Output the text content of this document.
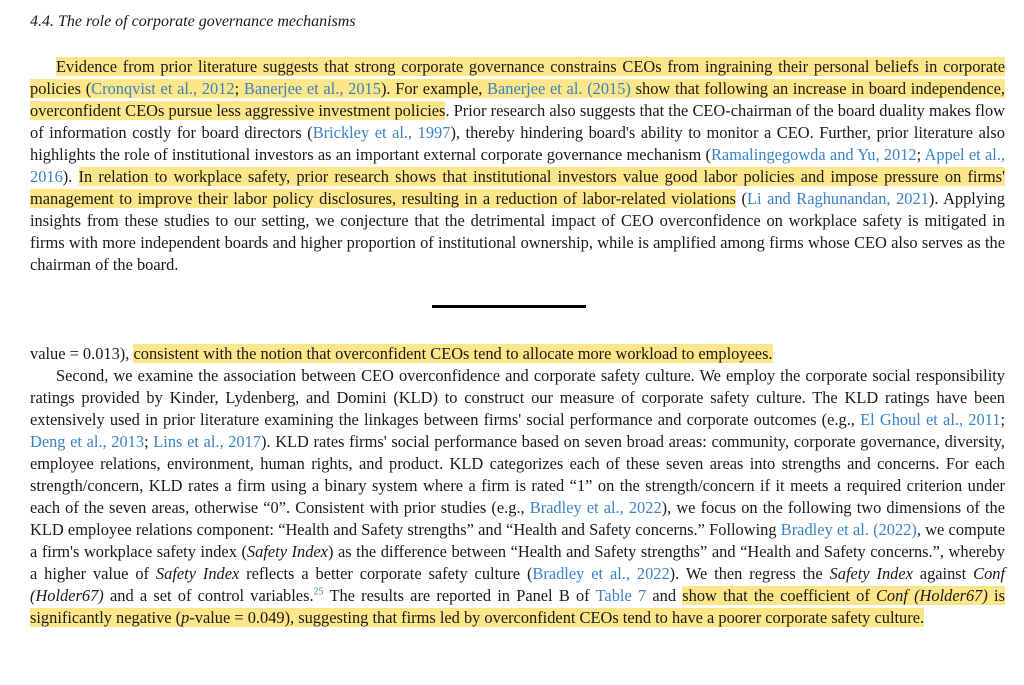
4.4. The role of corporate governance mechanisms

Evidence from prior literature suggests that strong corporate governance constrains CEOs from ingraining their personal beliefs in corporate policies (Cronqvist et al., 2012; Banerjee et al., 2015). For example, Banerjee et al. (2015) show that following an increase in board independence, overconfident CEOs pursue less aggressive investment policies. Prior research also suggests that the CEO-chairman of the board duality makes flow of information costly for board directors (Brickley et al., 1997), thereby hindering board's ability to monitor a CEO. Further, prior literature also highlights the role of institutional investors as an important external corporate governance mechanism (Ramalingegowda and Yu, 2012; Appel et al., 2016). In relation to workplace safety, prior research shows that institutional investors value good labor policies and impose pressure on firms' management to improve their labor policy disclosures, resulting in a reduction of labor-related violations (Li and Raghunandan, 2021). Applying insights from these studies to our setting, we conjecture that the detrimental impact of CEO overconfidence on workplace safety is mitigated in firms with more independent boards and higher proportion of institutional ownership, while is amplified among firms whose CEO also serves as the chairman of the board.

value = 0.013), consistent with the notion that overconfident CEOs tend to allocate more workload to employees.

Second, we examine the association between CEO overconfidence and corporate safety culture. We employ the corporate social responsibility ratings provided by Kinder, Lydenberg, and Domini (KLD) to construct our measure of corporate safety culture. The KLD ratings have been extensively used in prior literature examining the linkages between firms' social performance and corporate outcomes (e.g., El Ghoul et al., 2011; Deng et al., 2013; Lins et al., 2017). KLD rates firms' social performance based on seven broad areas: community, corporate governance, diversity, employee relations, environment, human rights, and product. KLD categorizes each of these seven areas into strengths and concerns. For each strength/concern, KLD rates a firm using a binary system where a firm is rated “1” on the strength/concern if it meets a required criterion under each of the seven areas, otherwise “0”. Consistent with prior studies (e.g., Bradley et al., 2022), we focus on the following two dimensions of the KLD employee relations component: “Health and Safety strengths” and “Health and Safety concerns.” Following Bradley et al. (2022), we compute a firm's workplace safety index (Safety Index) as the difference between “Health and Safety strengths” and “Health and Safety concerns.”, whereby a higher value of Safety Index reflects a better corporate safety culture (Bradley et al., 2022). We then regress the Safety Index against Conf (Holder67) and a set of control variables.$^{25}$ The results are reported in Panel B of Table 7 and show that the coefficient of Conf (Holder67) is significantly negative (p-value = 0.049), suggesting that firms led by overconfident CEOs tend to have a poorer corporate safety culture.
